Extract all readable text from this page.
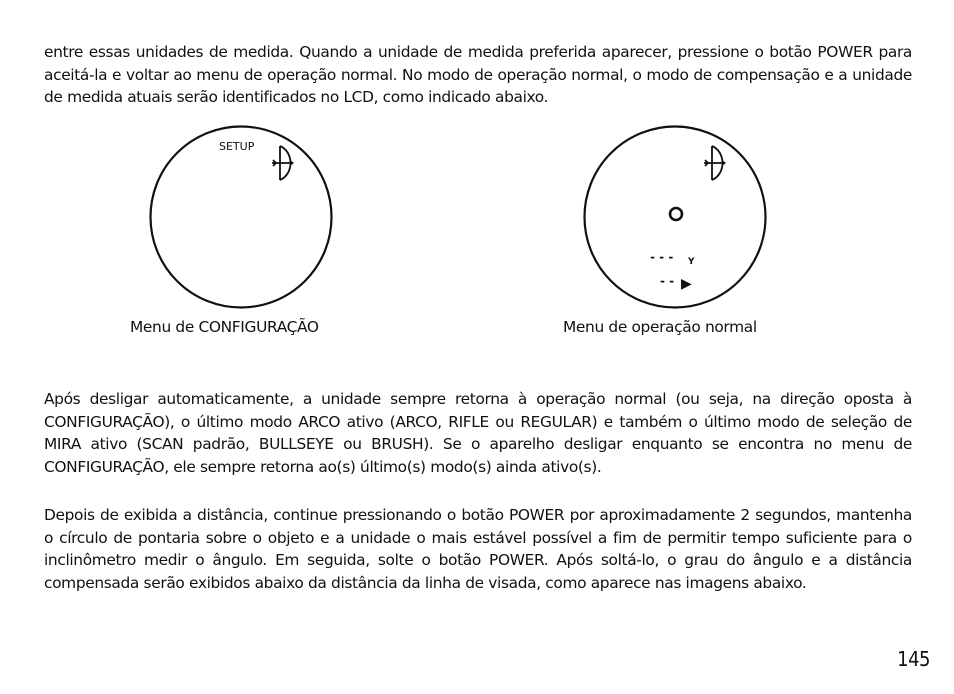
entre essas unidades de medida. Quando a unidade de medida preferida aparecer, pressione o botão POWER para aceitá-la e voltar ao menu de operação normal. No modo de operação normal, o modo de compensação e a unidade de medida atuais serão identificados no LCD, como indicado abaixo.

SETUP
- - - Y
- - ▶
Menu de CONFIGURAÇÃO	Menu de operação normal

Após desligar automaticamente, a unidade sempre retorna à operação normal (ou seja, na direção oposta à CONFIGURAÇÃO), o último modo ARCO ativo (ARCO, RIFLE ou REGULAR) e também o último modo de seleção de MIRA ativo (SCAN padrão, BULLSEYE ou BRUSH). Se o aparelho desligar enquanto se encontra no menu de CONFIGURAÇÃO, ele sempre retorna ao(s) último(s) modo(s) ainda ativo(s).

Depois de exibida a distância, continue pressionando o botão POWER por aproximadamente 2 segundos, mantenha o círculo de pontaria sobre o objeto e a unidade o mais estável possível a fim de permitir tempo suficiente para o inclinômetro medir o ângulo. Em seguida, solte o botão POWER. Após soltá-lo, o grau do ângulo e a distância compensada serão exibidos abaixo da distância da linha de visada, como aparece nas imagens abaixo.

145
